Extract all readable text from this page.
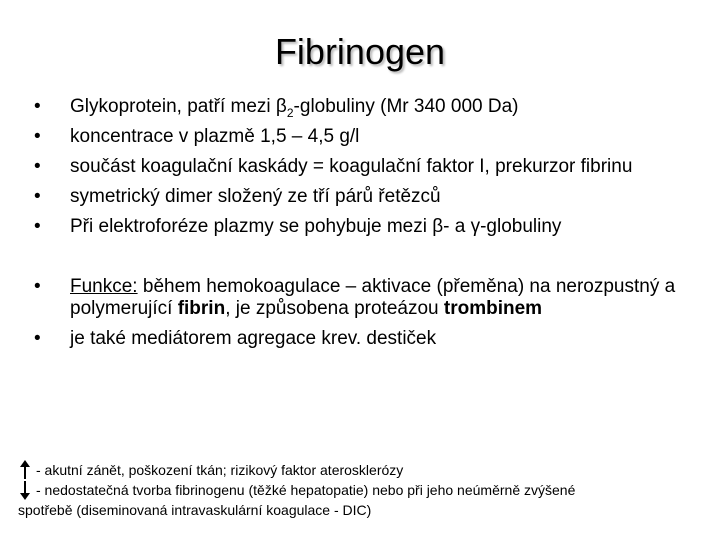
Fibrinogen
• Glykoprotein, patří mezi $\beta_2$-globuliny (Mr 340 000 Da)
• koncentrace v plazmě 1,5 – 4,5 g/l
• součást koagulační kaskády = koagulační faktor I, prekurzor fibrinu
• symetrický dimer složený ze tří párů řetězců
• Při elektroforéze plazmy se pohybuje mezi β- a γ-globuliny
• Funkce: během hemokoagulace – aktivace (přeměna) na nerozpustný a polymerující fibrin, je způsobena proteázou trombinem
• je také mediátorem agregace krev. destiček
- akutní zánět, poškození tkán; rizikový faktor aterosklerózy
- nedostatečná tvorba fibrinogenu (těžké hepatopatie) nebo při jeho neúměrně zvýšené
spotřebě (diseminovaná intravaskulární koagulace - DIC)
